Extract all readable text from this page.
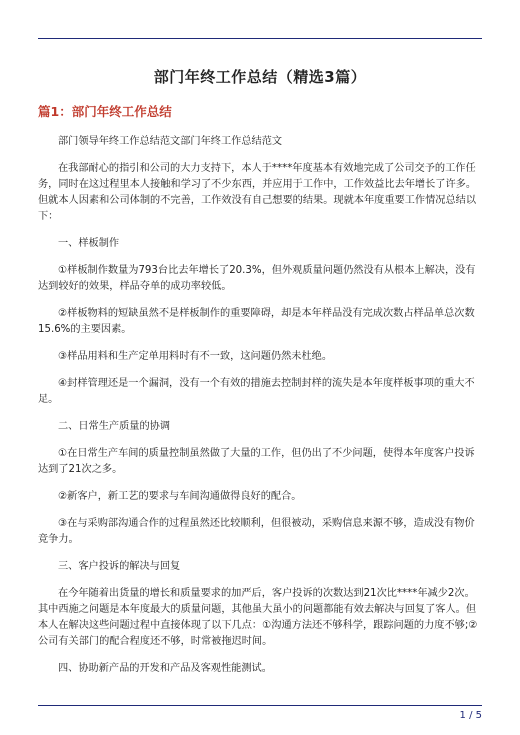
部门年终工作总结（精选3篇）
篇1：部门年终工作总结

部门领导年终工作总结范文部门年终工作总结范文

在我部耐心的指引和公司的大力支持下，本人于****年度基本有效地完成了公司交予的工作任务，同时在这过程里本人接触和学习了不少东西，并应用于工作中，工作效益比去年增长了许多。但就本人因素和公司体制的不完善，工作效没有自己想要的结果。现就本年度重要工作情况总结以下：

一、样板制作

①样板制作数量为793台比去年增长了20.3%，但外观质量问题仍然没有从根本上解决，没有达到较好的效果，样品夺单的成功率较低。

②样板物料的短缺虽然不是样板制作的重要障碍，却是本年样品没有完成次数占样品单总次数15.6%的主要因素。

③样品用料和生产定单用料时有不一致，这问题仍然未杜绝。

④封样管理还是一个漏洞，没有一个有效的措施去控制封样的流失是本年度样板事项的重大不足。

二、日常生产质量的协调

①在日常生产车间的质量控制虽然做了大量的工作，但仍出了不少问题，使得本年度客户投诉达到了21次之多。

②新客户，新工艺的要求与车间沟通做得良好的配合。

③在与采购部沟通合作的过程虽然还比较顺利，但很被动，采购信息来源不够，造成没有物价竞争力。

三、客户投诉的解决与回复

在今年随着出货量的增长和质量要求的加严后，客户投诉的次数达到21次比****年减少2次。其中西施之问题是本年度最大的质量问题，其他虽大虽小的问题都能有效去解决与回复了客人。但本人在解决这些问题过程中直接体现了以下几点：①沟通方法还不够科学，跟踪问题的力度不够;②公司有关部门的配合程度还不够，时常被拖迟时间。

四、协助新产品的开发和产品及客观性能测试。

1 / 5
